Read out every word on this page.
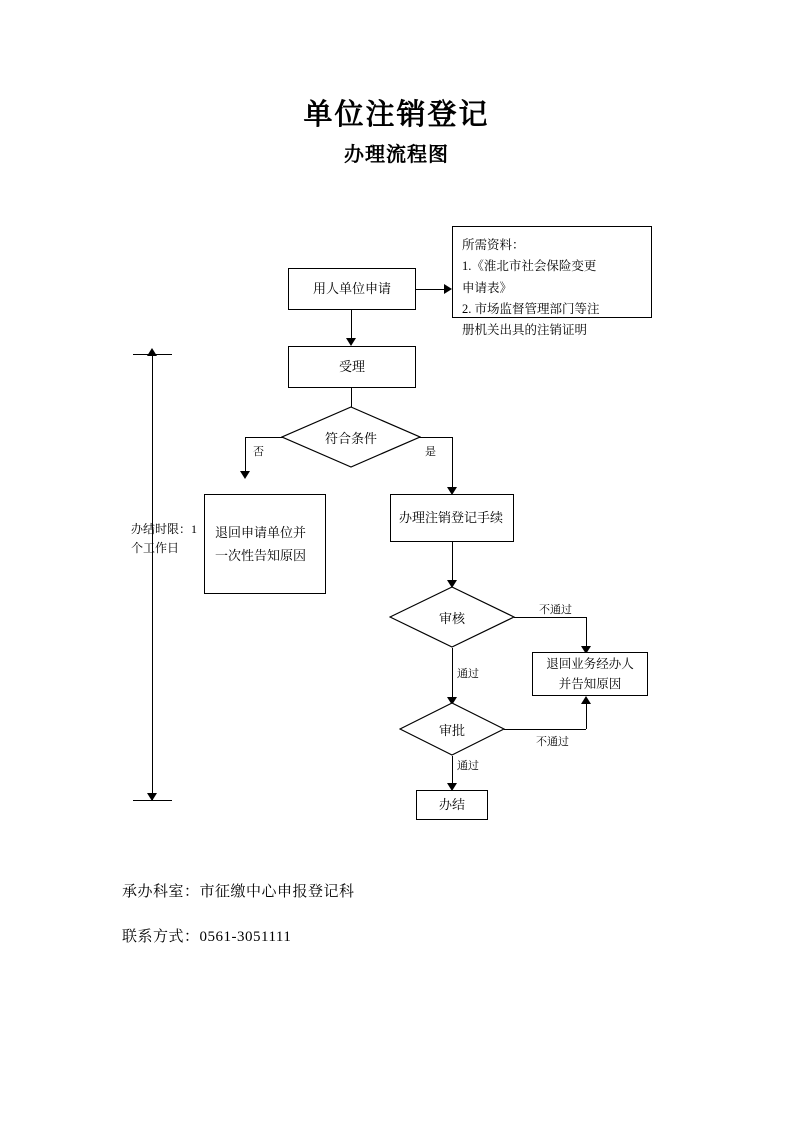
单位注销登记
办理流程图
所需资料：
1.《淮北市社会保险变更
申请表》
2. 市场监督管理部门等注
册机关出具的注销证明
用人单位申请
受理
符合条件
否	是
退回申请单位并一次性告知原因
办理注销登记手续
审核
不通过
退回业务经办人并告知原因
通过
审批
不通过
通过
办结
办结时限：1个工作日
承办科室：市征缴中心申报登记科
联系方式：0561-3051111
